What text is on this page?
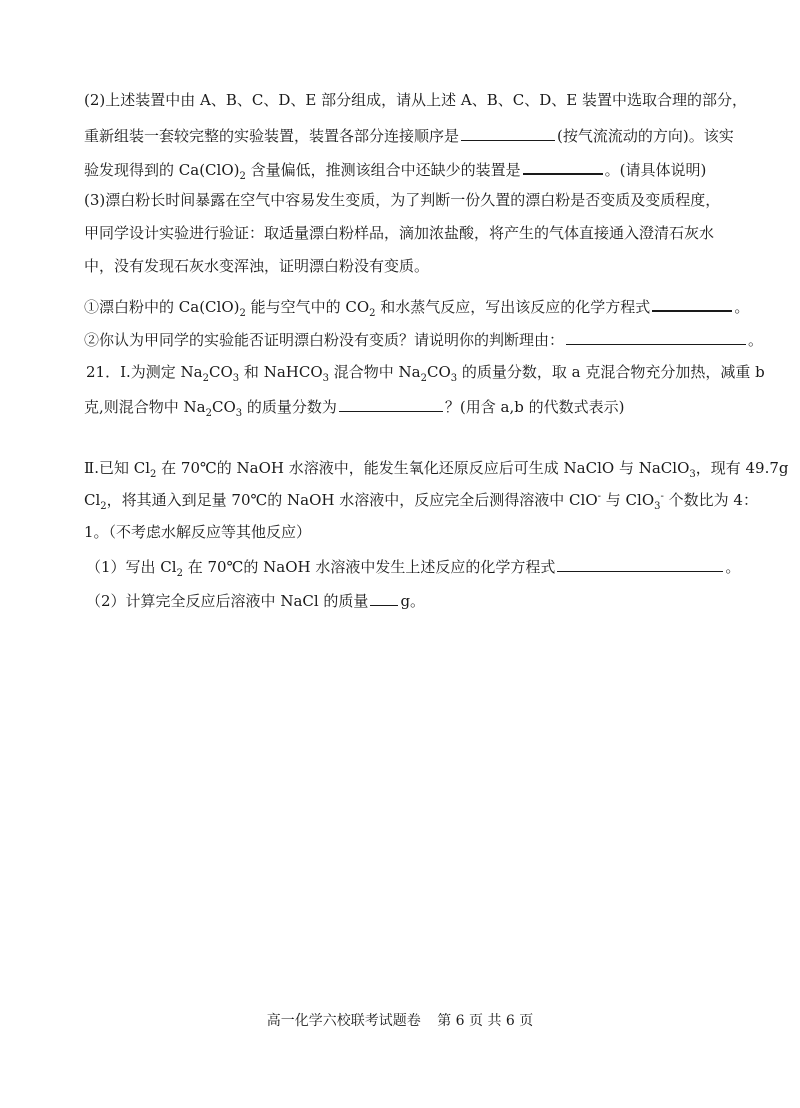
(2)上述装置中由 A、B、C、D、E 部分组成，请从上述 A、B、C、D、E 装置中选取合理的部分，
重新组装一套较完整的实验装置，装置各部分连接顺序是	(按气流流动的方向)。该实
验发现得到的 $Ca(ClO)_2$ 含量偏低，推测该组合中还缺少的装置是	。(请具体说明)
(3)漂白粉长时间暴露在空气中容易发生变质，为了判断一份久置的漂白粉是否变质及变质程度，
甲同学设计实验进行验证：取适量漂白粉样品，滴加浓盐酸，将产生的气体直接通入澄清石灰水
中，没有发现石灰水变浑浊，证明漂白粉没有变质。
①漂白粉中的 $Ca(ClO)_2$ 能与空气中的 $CO_2$ 和水蒸气反应，写出该反应的化学方程式	。
②你认为甲同学的实验能否证明漂白粉没有变质？请说明你的判断理由：	。
21．Ⅰ.为测定 $Na_2CO_3$ 和 NaHCO$_3$ 混合物中 $Na_2CO_3$ 的质量分数，取 a 克混合物充分加热，减重 b
克,则混合物中 $Na_2CO_3$ 的质量分数为	？(用含 a,b 的代数式表示)
Ⅱ.已知 $Cl_2$ 在 70℃的 NaOH 水溶液中，能发生氧化还原反应后可生成 NaClO 与 NaClO$_3$，现有 49.7g
$Cl_2$，将其通入到足量 70℃的 NaOH 水溶液中，反应完全后测得溶液中 ClO- 与 ClO$_3$- 个数比为 4：
1。（不考虑水解反应等其他反应）
（1）写出 $Cl_2$ 在 70℃的 NaOH 水溶液中发生上述反应的化学方程式	。
（2）计算完全反应后溶液中 NaCl 的质量 g。
高一化学六校联考试题卷 第 6 页 共 6 页
